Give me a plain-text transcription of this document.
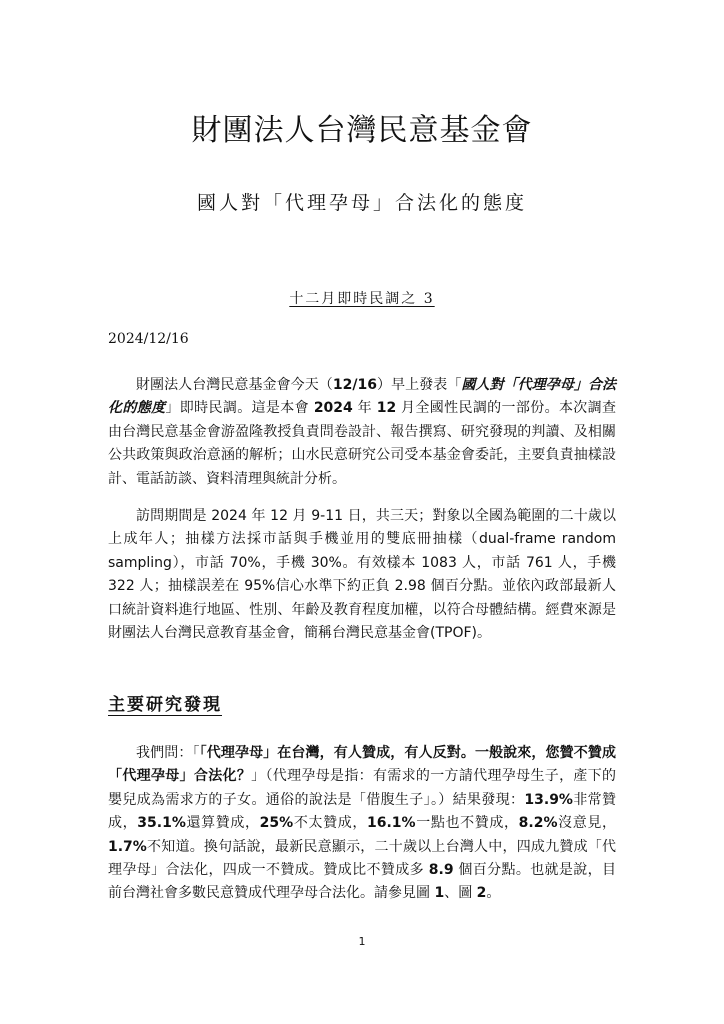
財團法人台灣民意基金會
國人對「代理孕母」合法化的態度

十二月即時民調之 3

2024/12/16

財團法人台灣民意基金會今天（12/16）早上發表「國人對「代理孕母」合法化的態度」即時民調。這是本會 2024 年 12 月全國性民調的一部份。本次調查由台灣民意基金會游盈隆教授負責問卷設計、報告撰寫、研究發現的判讀、及相關公共政策與政治意涵的解析；山水民意研究公司受本基金會委託，主要負責抽樣設計、電話訪談、資料清理與統計分析。

訪問期間是 2024 年 12 月 9-11 日，共三天；對象以全國為範圍的二十歲以上成年人；抽樣方法採市話與手機並用的雙底冊抽樣（dual-frame random sampling），市話 70%，手機 30%。有效樣本 1083 人，市話 761 人，手機 322 人；抽樣誤差在 95%信心水準下約正負 2.98 個百分點。並依內政部最新人口統計資料進行地區、性別、年齡及教育程度加權，以符合母體結構。經費來源是財團法人台灣民意教育基金會，簡稱台灣民意基金會(TPOF)。

主要研究發現

我們問：「「代理孕母」在台灣，有人贊成，有人反對。一般說來，您贊不贊成「代理孕母」合法化？」（代理孕母是指：有需求的一方請代理孕母生子，產下的嬰兒成為需求方的子女。通俗的說法是「借腹生子」。）結果發現：13.9%非常贊成，35.1%還算贊成，25%不太贊成，16.1%一點也不贊成，8.2%沒意見，1.7%不知道。換句話說，最新民意顯示，二十歲以上台灣人中，四成九贊成「代理孕母」合法化，四成一不贊成。贊成比不贊成多 8.9 個百分點。也就是說，目前台灣社會多數民意贊成代理孕母合法化。請參見圖 1、圖 2。

1
